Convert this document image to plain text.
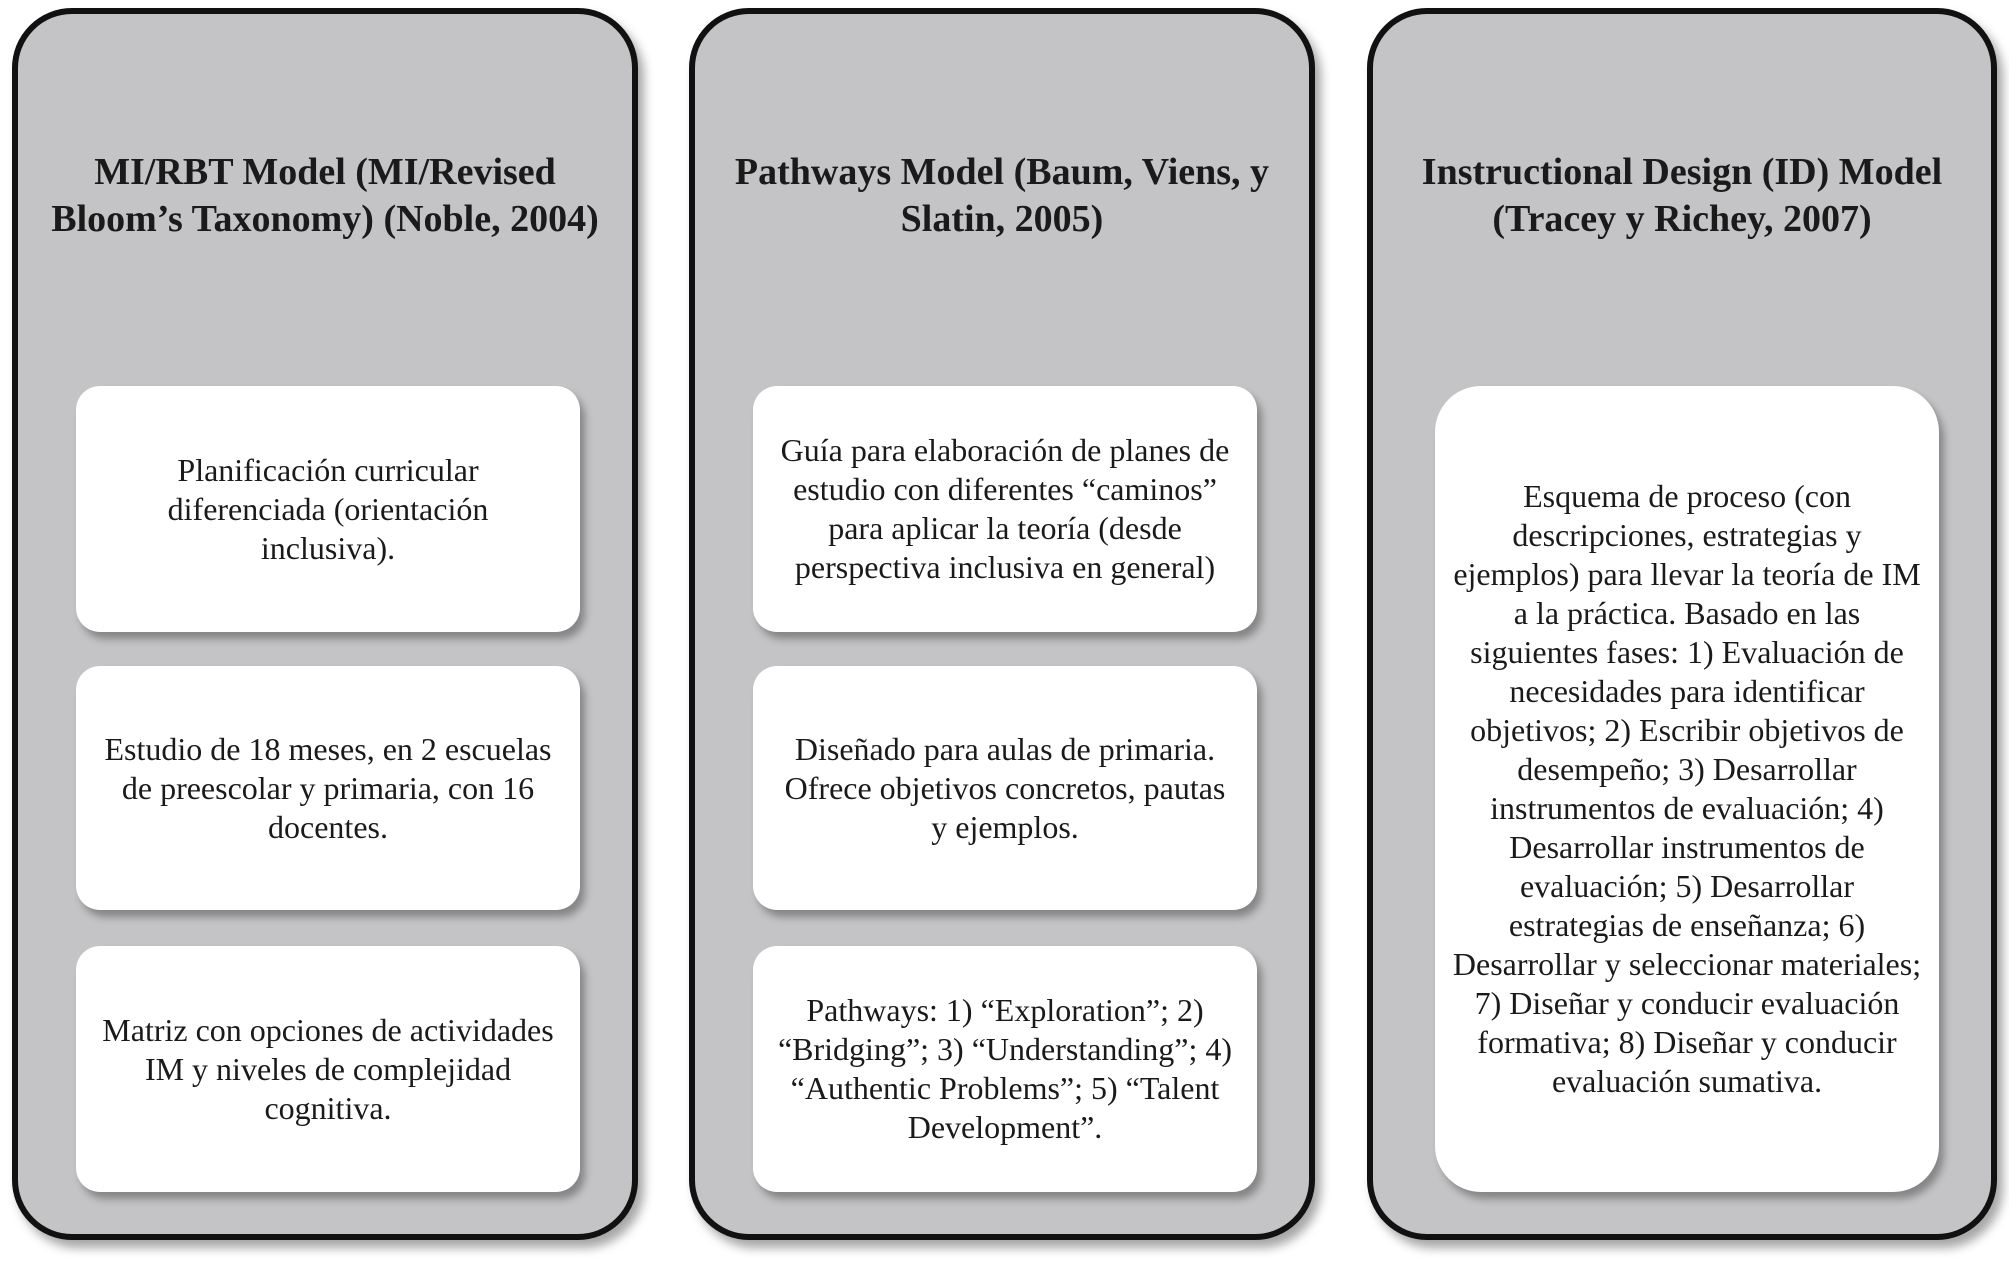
MI/RBT Model (MI/Revised Bloom’s Taxonomy) (Noble, 2004)
Planificación curricular diferenciada (orientación inclusiva).
Estudio de 18 meses, en 2 escuelas de preescolar y primaria, con 16 docentes.
Matriz con opciones de actividades IM y niveles de complejidad cognitiva.
Pathways Model (Baum, Viens, y Slatin, 2005)
Guía para elaboración de planes de estudio con diferentes “caminos” para aplicar la teoría (desde perspectiva inclusiva en general)
Diseñado para aulas de primaria. Ofrece objetivos concretos, pautas y ejemplos.
Pathways: 1) “Exploration”; 2) “Bridging”; 3) “Understanding”; 4) “Authentic Problems”; 5) “Talent Development”.
Instructional Design (ID) Model (Tracey y Richey, 2007)
Esquema de proceso (con descripciones, estrategias y ejemplos) para llevar la teoría de IM a la práctica. Basado en las siguientes fases: 1) Evaluación de necesidades para identificar objetivos; 2) Escribir objetivos de desempeño; 3) Desarrollar instrumentos de evaluación; 4) Desarrollar instrumentos de evaluación; 5) Desarrollar estrategias de enseñanza; 6) Desarrollar y seleccionar materiales; 7) Diseñar y conducir evaluación formativa; 8) Diseñar y conducir evaluación sumativa.
